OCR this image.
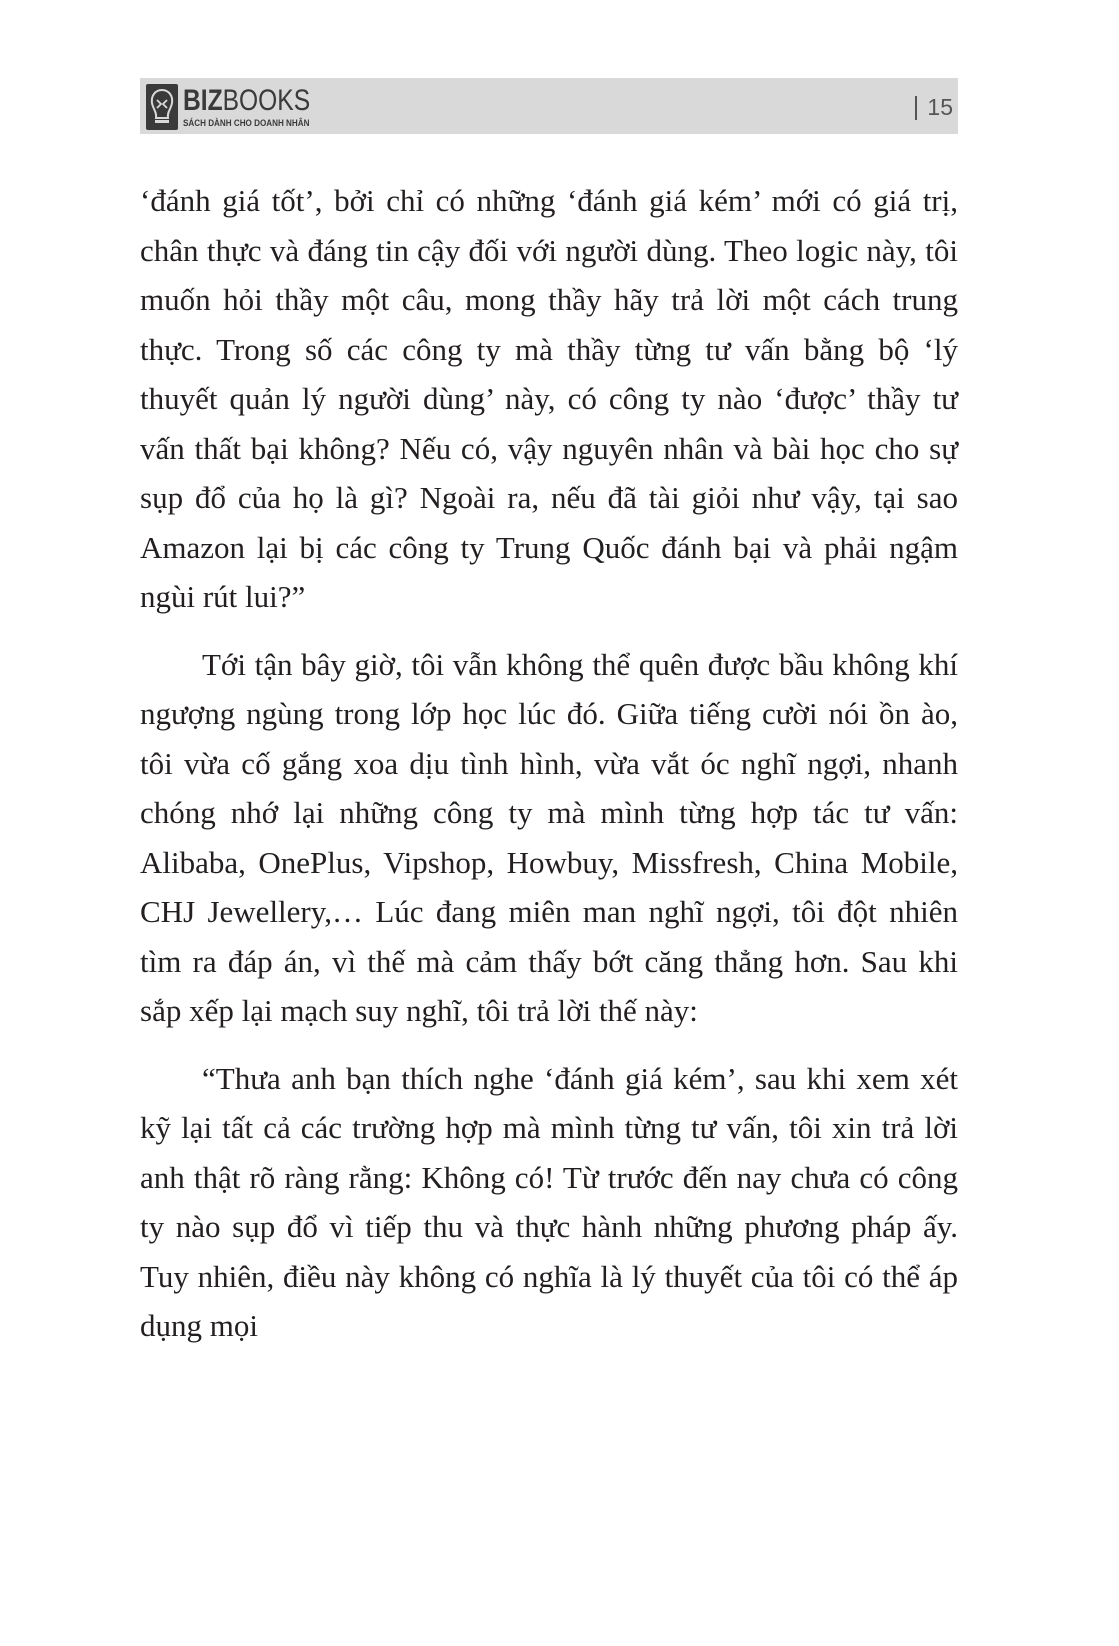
BIZBOOKS
SÁCH DÀNH CHO DOANH NHÂN
15

‘đánh giá tốt’, bởi chỉ có những ‘đánh giá kém’ mới có giá trị, chân thực và đáng tin cậy đối với người dùng. Theo logic này, tôi muốn hỏi thầy một câu, mong thầy hãy trả lời một cách trung thực. Trong số các công ty mà thầy từng tư vấn bằng bộ ‘lý thuyết quản lý người dùng’ này, có công ty nào ‘được’ thầy tư vấn thất bại không? Nếu có, vậy nguyên nhân và bài học cho sự sụp đổ của họ là gì? Ngoài ra, nếu đã tài giỏi như vậy, tại sao Amazon lại bị các công ty Trung Quốc đánh bại và phải ngậm ngùi rút lui?”

Tới tận bây giờ, tôi vẫn không thể quên được bầu không khí ngượng ngùng trong lớp học lúc đó. Giữa tiếng cười nói ồn ào, tôi vừa cố gắng xoa dịu tình hình, vừa vắt óc nghĩ ngợi, nhanh chóng nhớ lại những công ty mà mình từng hợp tác tư vấn: Alibaba, OnePlus, Vipshop, Howbuy, Missfresh, China Mobile, CHJ Jewellery,… Lúc đang miên man nghĩ ngợi, tôi đột nhiên tìm ra đáp án, vì thế mà cảm thấy bớt căng thẳng hơn. Sau khi sắp xếp lại mạch suy nghĩ, tôi trả lời thế này:

“Thưa anh bạn thích nghe ‘đánh giá kém’, sau khi xem xét kỹ lại tất cả các trường hợp mà mình từng tư vấn, tôi xin trả lời anh thật rõ ràng rằng: Không có! Từ trước đến nay chưa có công ty nào sụp đổ vì tiếp thu và thực hành những phương pháp ấy. Tuy nhiên, điều này không có nghĩa là lý thuyết của tôi có thể áp dụng mọi
